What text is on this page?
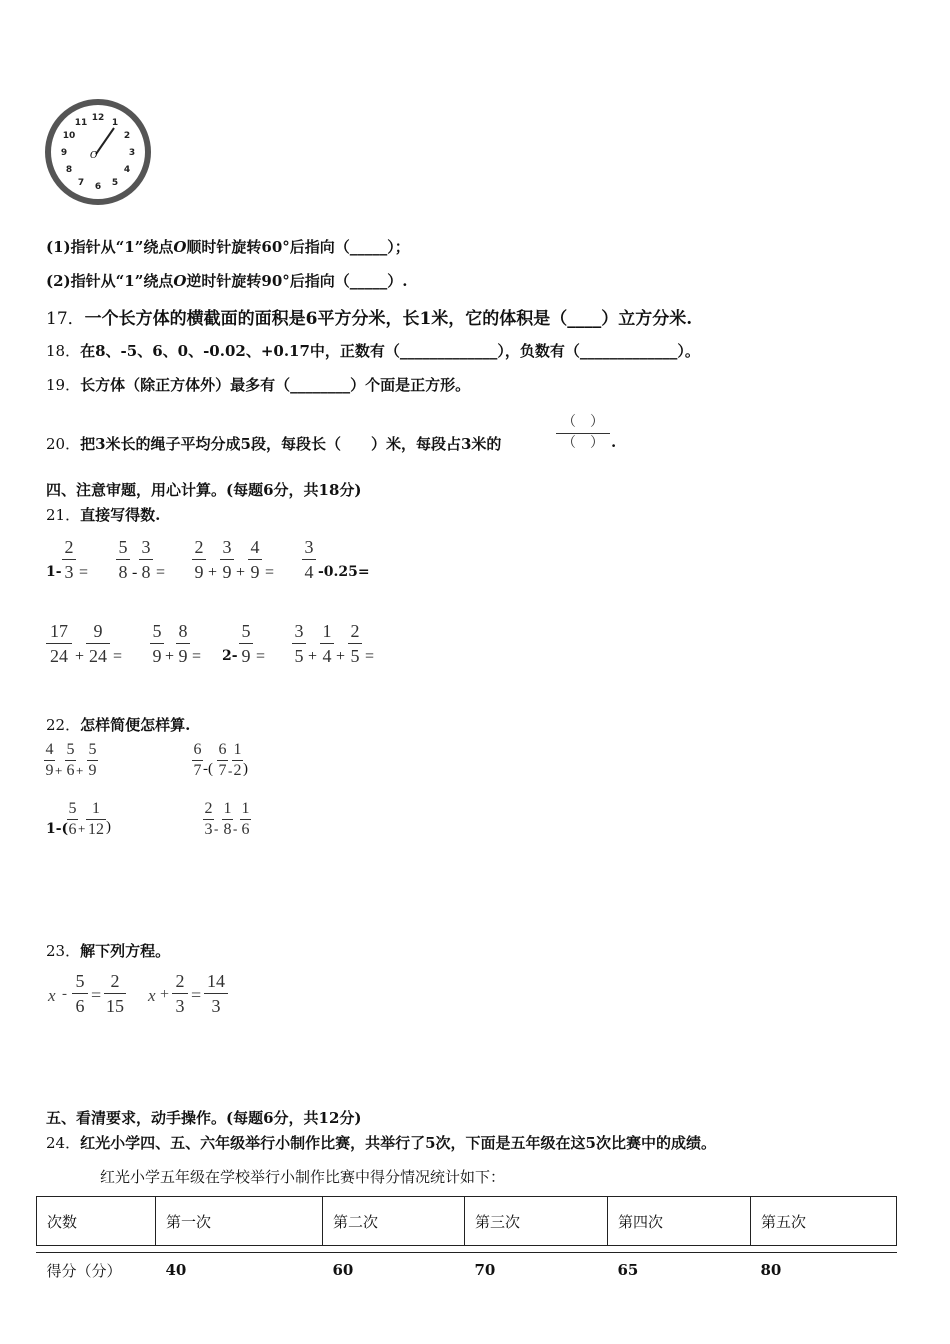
12 1
2
3
4
5
6
7
8
9
10
11
O
(1)指针从“1”绕点O顺时针旋转60°后指向（_____）；
(2)指针从“1”绕点O逆时针旋转90°后指向（_____）.
17．一个长方体的横截面的面积是6平方分米，长1米，它的体积是（____）立方分米.
18．在8、-5、6、0、-0.02、+0.17中，正数有（_____________），负数有（_____________）。
19．长方体（除正方体外）最多有（________）个面是正方形。
20．把3米长的绳子平均分成5段，每段长（　　）米，每段占3米的
（　）
（　） .
四、注意审题，用心计算。(每题6分，共18分)
21．直接写得数.
1-
2
3 =
5
8 -
3
8 =
2
9 +
3
9 +
4
9 =
3
4 -0.25=
17
24 +
9
24 =
5
9 +
8
9 = 2-
5
9 =
3
5 +
1
4 +
2
5 =
22．怎样简便怎样算.
4
9 +
5
6 +
5
9
6
7 -(
6
7 -
1
2 )
1-(
5
6 +
1
12 )
2
3 -
1
8 -
1
6
23．解下列方程。
x -
5
6
=
2
15
x +
2
3
=
14
3
五、看清要求，动手操作。(每题6分，共12分)
24．红光小学四、五、六年级举行小制作比赛，共举行了5次，下面是五年级在这5次比赛中的成绩。
红光小学五年级在学校举行小制作比赛中得分情况统计如下：
次数	第一次	第二次	第三次	第四次	第五次
得分（分）	40	60	70	65	80
